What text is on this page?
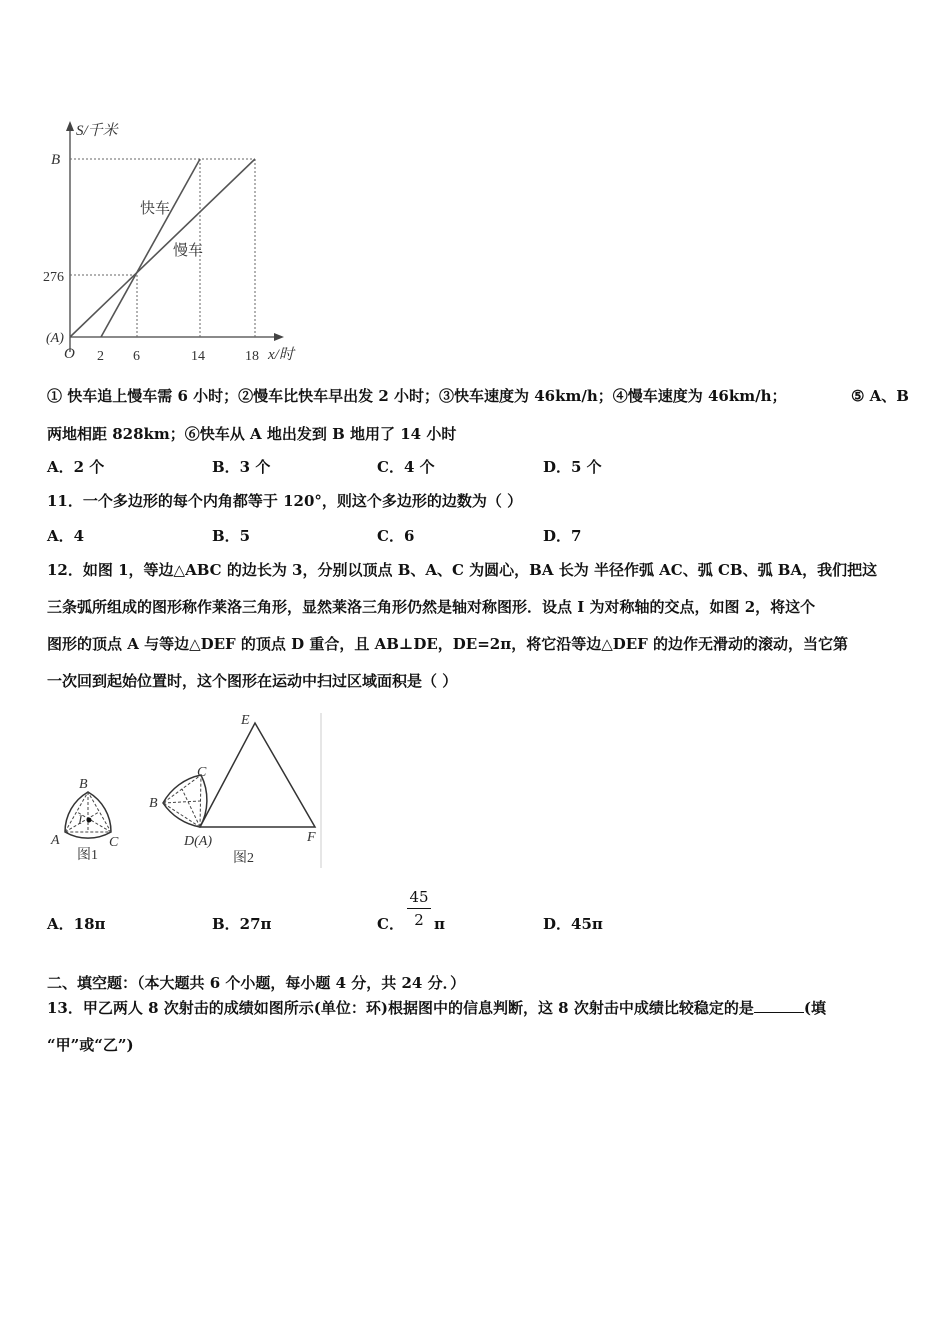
S/千米
B
276
(A)
O 2 6	14	18 x/时
快车
慢车
① 快车追上慢车需 6 小时；②慢车比快车早出发 2 小时；③快车速度为 46km/h；④慢车速度为 46km/h；	⑤ A、B
两地相距 828km；⑥快车从 A 地出发到 B 地用了 14 小时
A．2 个	B．3 个	C．4 个	D．5 个
11．一个多边形的每个内角都等于 120°，则这个多边形的边数为（ ）
A．4	B．5	C．6	D．7
12．如图 1，等边△ABC 的边长为 3，分别以顶点 B、A、C 为圆心，BA 长为 半径作弧 AC、弧 CB、弧 BA，我们把这
三条弧所组成的图形称作莱洛三角形，显然莱洛三角形仍然是轴对称图形．设点 I 为对称轴的交点，如图 2，将这个
图形的顶点 A 与等边△DEF 的顶点 D 重合，且 AB⊥DE，DE=2π，将它沿等边△DEF 的边作无滑动的滚动，当它第
一次回到起始位置时，这个图形在运动中扫过区域面积是（ ）
B
I
A	C
图1
E
C
B
D(A)	F
图2
A．18π	B．27π	C．
45
2 π	D．45π
二、填空题：（本大题共 6 个小题，每小题 4 分，共 24 分．）
13．甲乙两人 8 次射击的成绩如图所示(单位：环)根据图中的信息判断，这 8 次射击中成绩比较稳定的是	(填
“甲”或“乙”)
